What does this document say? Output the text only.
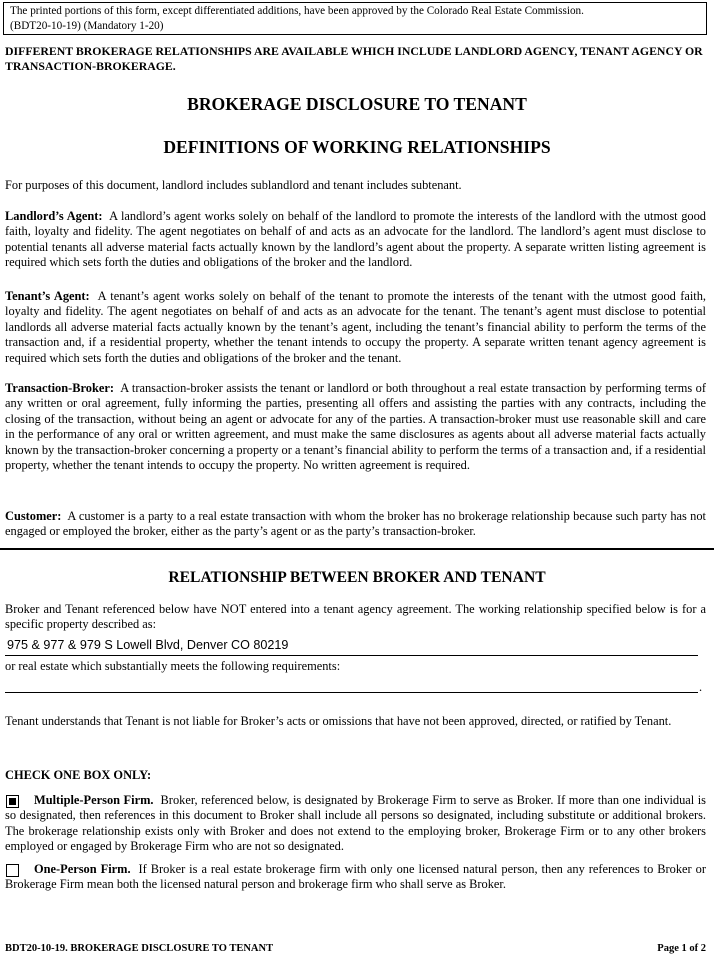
The printed portions of this form, except differentiated additions, have been approved by the Colorado Real Estate Commission.
(BDT20-10-19) (Mandatory 1-20)
DIFFERENT BROKERAGE RELATIONSHIPS ARE AVAILABLE WHICH INCLUDE LANDLORD AGENCY, TENANT AGENCY OR TRANSACTION-BROKERAGE.
BROKERAGE DISCLOSURE TO TENANT
DEFINITIONS OF WORKING RELATIONSHIPS
For purposes of this document, landlord includes sublandlord and tenant includes subtenant.
Landlord’s Agent: A landlord’s agent works solely on behalf of the landlord to promote the interests of the landlord with the utmost good faith, loyalty and fidelity. The agent negotiates on behalf of and acts as an advocate for the landlord. The landlord’s agent must disclose to potential tenants all adverse material facts actually known by the landlord’s agent about the property. A separate written listing agreement is required which sets forth the duties and obligations of the broker and the landlord.
Tenant’s Agent: A tenant’s agent works solely on behalf of the tenant to promote the interests of the tenant with the utmost good faith, loyalty and fidelity. The agent negotiates on behalf of and acts as an advocate for the tenant. The tenant’s agent must disclose to potential landlords all adverse material facts actually known by the tenant’s agent, including the tenant’s financial ability to perform the terms of the transaction and, if a residential property, whether the tenant intends to occupy the property. A separate written tenant agency agreement is required which sets forth the duties and obligations of the broker and the tenant.
Transaction-Broker: A transaction-broker assists the tenant or landlord or both throughout a real estate transaction by performing terms of any written or oral agreement, fully informing the parties, presenting all offers and assisting the parties with any contracts, including the closing of the transaction, without being an agent or advocate for any of the parties. A transaction-broker must use reasonable skill and care in the performance of any oral or written agreement, and must make the same disclosures as agents about all adverse material facts actually known by the transaction-broker concerning a property or a tenant’s financial ability to perform the terms of a transaction and, if a residential property, whether the tenant intends to occupy the property. No written agreement is required.
Customer: A customer is a party to a real estate transaction with whom the broker has no brokerage relationship because such party has not engaged or employed the broker, either as the party’s agent or as the party’s transaction-broker.
RELATIONSHIP BETWEEN BROKER AND TENANT
Broker and Tenant referenced below have NOT entered into a tenant agency agreement. The working relationship specified below is for a specific property described as:
975 & 977 & 979 S Lowell Blvd, Denver CO 80219
or real estate which substantially meets the following requirements:
.
Tenant understands that Tenant is not liable for Broker’s acts or omissions that have not been approved, directed, or ratified by Tenant.
CHECK ONE BOX ONLY:
Multiple-Person Firm. Broker, referenced below, is designated by Brokerage Firm to serve as Broker. If more than one individual is so designated, then references in this document to Broker shall include all persons so designated, including substitute or additional brokers. The brokerage relationship exists only with Broker and does not extend to the employing broker, Brokerage Firm or to any other brokers employed or engaged by Brokerage Firm who are not so designated.
One-Person Firm. If Broker is a real estate brokerage firm with only one licensed natural person, then any references to Broker or Brokerage Firm mean both the licensed natural person and brokerage firm who shall serve as Broker.
BDT20-10-19. BROKERAGE DISCLOSURE TO TENANT	Page 1 of 2
